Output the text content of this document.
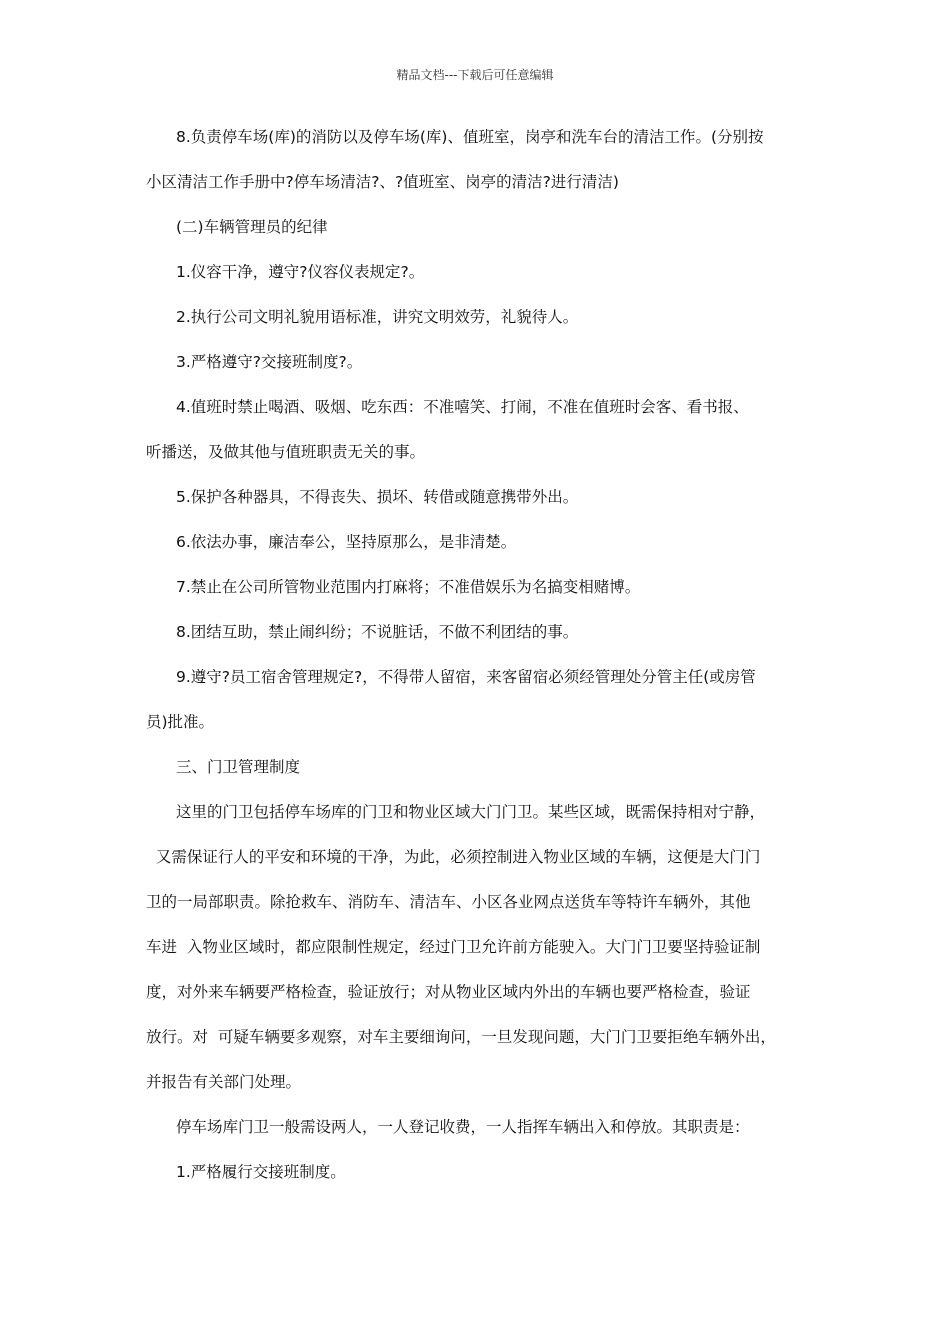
精品文档---下载后可任意编辑

8.负责停车场(库)的消防以及停车场(库)、值班室，岗亭和洗车台的清洁工作。(分别按

小区清洁工作手册中?停车场清洁?、?值班室、岗亭的清洁?进行清洁)

(二)车辆管理员的纪律

1.仪容干净，遵守?仪容仪表规定?。

2.执行公司文明礼貌用语标准，讲究文明效劳，礼貌待人。

3.严格遵守?交接班制度?。

4.值班时禁止喝酒、吸烟、吃东西：不准嘻笑、打闹，不准在值班时会客、看书报、

听播送，及做其他与值班职责无关的事。

5.保护各种器具，不得丧失、损坏、转借或随意携带外出。

6.依法办事，廉洁奉公，坚持原那么，是非清楚。

7.禁止在公司所管物业范围内打麻将；不准借娱乐为名搞变相赌博。

8.团结互助，禁止闹纠纷；不说脏话，不做不利团结的事。

9.遵守?员工宿舍管理规定?，不得带人留宿，来客留宿必须经管理处分管主任(或房管

员)批准。

三、门卫管理制度

这里的门卫包括停车场库的门卫和物业区域大门门卫。某些区域，既需保持相对宁静，

又需保证行人的平安和环境的干净，为此，必须控制进入物业区域的车辆，这便是大门门

卫的一局部职责。除抢救车、消防车、清洁车、小区各业网点送货车等特许车辆外，其他

车进  入物业区域时，都应限制性规定，经过门卫允许前方能驶入。大门门卫要坚持验证制

度，对外来车辆要严格检查，验证放行；对从物业区域内外出的车辆也要严格检查，验证

放行。对  可疑车辆要多观察，对车主要细询问，一旦发现问题，大门门卫要拒绝车辆外出，

并报告有关部门处理。

停车场库门卫一般需设两人，一人登记收费，一人指挥车辆出入和停放。其职责是：

1.严格履行交接班制度。
